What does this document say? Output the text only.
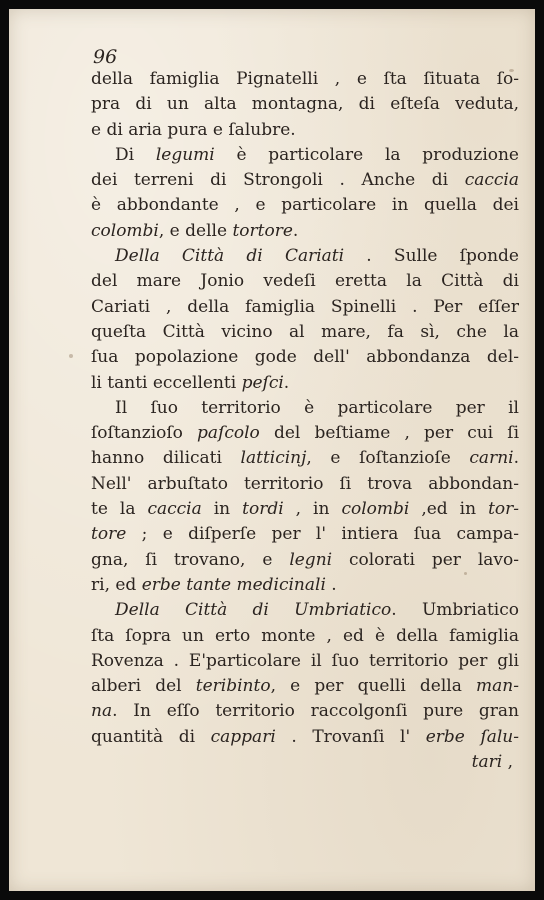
96
della famiglia Pignatelli , e ſta ſituata ſo-
pra di un alta montagna, di eſteſa veduta,
e di aria pura e ſalubre.
Di legumi è particolare la produzione
dei terreni di Strongoli . Anche di caccia
è abbondante , e particolare in quella dei
colombi, e delle tortore.
Della Città di Cariati . Sulle ſponde
del mare Jonio vedeſi eretta la Città di
Cariati , della famiglia Spinelli . Per eſſer
queſta Città vicino al mare, fa sì, che la
ſua popolazione gode dell' abbondanza del-
li tanti eccellenti peſci.
Il ſuo territorio è particolare per il
ſoſtanzioſo paſcolo del beſtiame , per cui ſi
hanno dilicati latticinj, e ſoſtanzioſe carni.
Nell' arbuſtato territorio ſi trova abbondan-
te la caccia in tordi , in colombi ,ed in tor-
tore ; e diſperſe per l' intiera ſua campa-
gna, ſi trovano, e legni colorati per lavo-
ri, ed erbe tante medicinali .
Della Città di Umbriatico. Umbriatico
ſta ſopra un erto monte , ed è della famiglia
Rovenza . E'particolare il ſuo territorio per gli
alberi del teribinto, e per quelli della man-
na. In eſſo territorio raccolgonſi pure gran
quantità di cappari . Trovanſi l' erbe ſalu-
tari ,
